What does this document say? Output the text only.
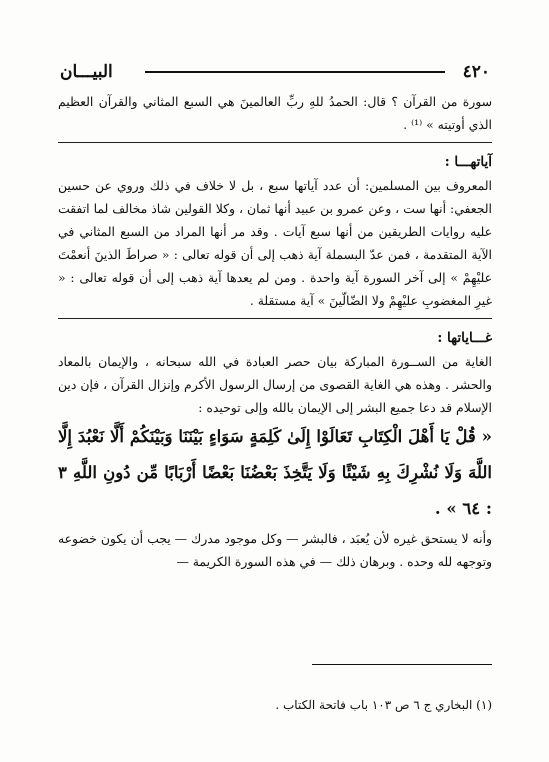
البيـــان	٤٢٠

سورة من القرآن ؟ قال: الحمدُ للهِ ربِّ العالمينَ هي السبع المثاني والقرآن العظيم الذي أوتيته » ⁽¹⁾ .

آياتهـــا :

المعروف بين المسلمين: أن عدد آياتها سبع ، بل لا خلاف في ذلك وروي عن حسين الجعفي: أنها ست ، وعن عمرو بن عبيد أنها ثمان ، وكلا القولين شاذ مخالف لما اتفقت عليه روايات الطريقين من أنها سبع آيات . وقد مر أنها المراد من السبع المثاني في الآية المتقدمة ، فمن عدّ البسملة آية ذهب إلى أن قوله تعالى : « صراطَ الذينَ أنعمْتَ عليْهِمْ » إلى آخر السورة آية واحدة . ومن لم يعدها آية ذهب إلى أن قوله تعالى : « غيرِ المغضوبِ عليْهِمْ ولا الضّالّينَ » آية مستقلة .

غـــاياتها :

الغاية من الســورة المباركة بيان حصر العبادة في الله سبحانه ، والإيمان بالمعاد والحشر . وهذه هي الغاية القصوى من إرسال الرسول الأكرم وإنزال القرآن ، فإن دين الإسلام قد دعا جميع البشر إلى الإيمان بالله وإلى توحيده :

« قُلْ يَا أَهْلَ الْكِتَابِ تَعَالَوْا إِلَىٰ كَلِمَةٍ سَوَاءٍ بَيْنَنَا وَبَيْنَكُمْ أَلَّا نَعْبُدَ إِلَّا اللَّهَ وَلَا نُشْرِكَ بِهِ شَيْئًا وَلَا يَتَّخِذَ بَعْضُنَا بَعْضًا أَرْبَابًا مِّن دُونِ اللَّهِ ٣ : ٦٤ » .

وأنه لا يستحق غيره لأن يُعبَد ، فالبشر — وكل موجود مدرك — يجب أن يكون خضوعه وتوجهه لله وحده . وبرهان ذلك — في هذه السورة الكريمة —

(١) البخاري ج ٦ ص ١٠٣ باب فاتحة الكتاب .
